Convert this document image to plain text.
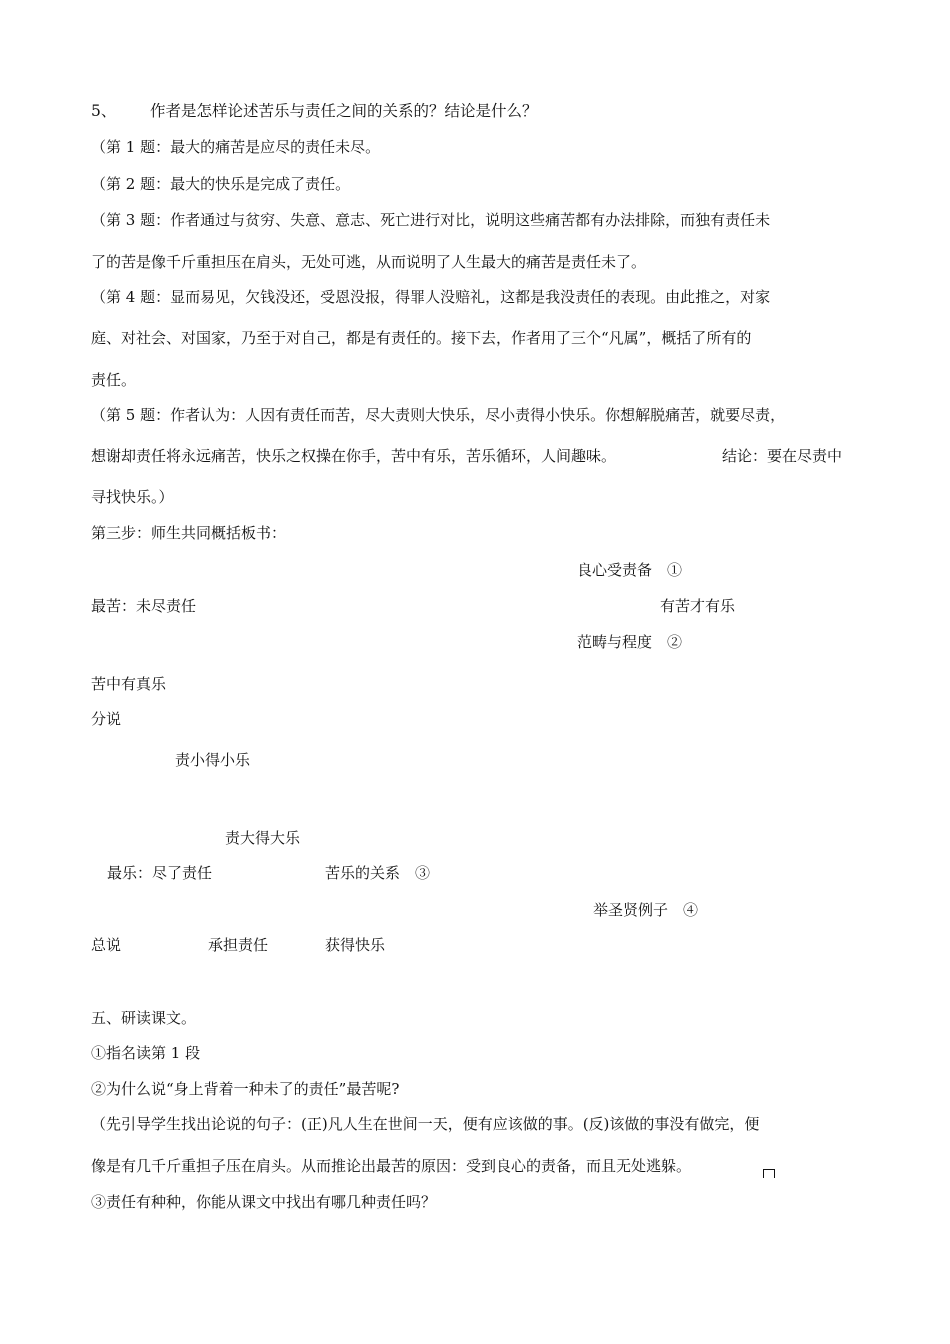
5、 作者是怎样论述苦乐与责任之间的关系的？结论是什么？
（第 1 题：最大的痛苦是应尽的责任未尽。
（第 2 题：最大的快乐是完成了责任。
（第 3 题：作者通过与贫穷、失意、意志、死亡进行对比，说明这些痛苦都有办法排除，而独有责任未
了的苦是像千斤重担压在肩头，无处可逃，从而说明了人生最大的痛苦是责任未了。
（第 4 题：显而易见，欠钱没还，受恩没报，得罪人没赔礼，这都是我没责任的表现。由此推之，对家
庭、对社会、对国家，乃至于对自己，都是有责任的。接下去，作者用了三个“凡属”，概括了所有的
责任。
（第 5 题：作者认为：人因有责任而苦，尽大责则大快乐，尽小责得小快乐。你想解脱痛苦，就要尽责，
想谢却责任将永远痛苦，快乐之权操在你手，苦中有乐，苦乐循环，人间趣味。	结论：要在尽责中
寻找快乐。）
第三步：师生共同概括板书：
良心受责备　①
最苦：未尽责任	有苦才有乐
范畴与程度　②
苦中有真乐
分说
责小得小乐
责大得大乐
最乐：尽了责任	苦乐的关系　③
举圣贤例子　④
总说	承担责任	获得快乐
五、研读课文。
①指名读第 1 段
②为什么说“身上背着一种未了的责任”最苦呢?
（先引导学生找出论说的句子：(正)凡人生在世间一天，便有应该做的事。(反)该做的事没有做完，便
像是有几千斤重担子压在肩头。从而推论出最苦的原因：受到良心的责备，而且无处逃躲。
③责任有种种，你能从课文中找出有哪几种责任吗？
